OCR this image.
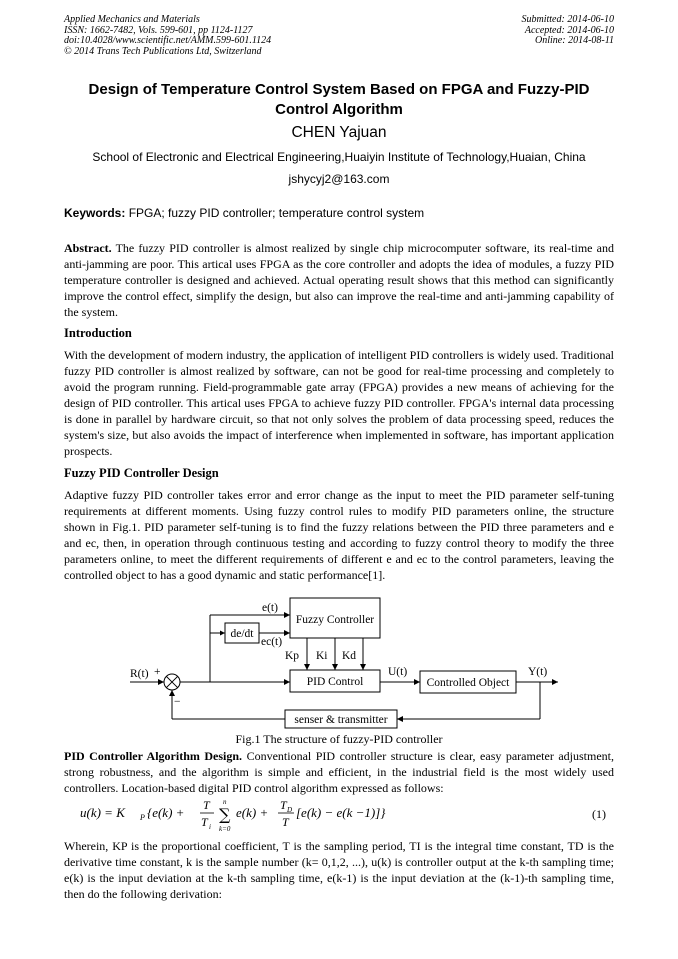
Applied Mechanics and Materials
ISSN: 1662-7482, Vols. 599-601, pp 1124-1127
doi:10.4028/www.scientific.net/AMM.599-601.1124
© 2014 Trans Tech Publications Ltd, Switzerland
Submitted: 2014-06-10
Accepted: 2014-06-10
Online: 2014-08-11
Design of Temperature Control System Based on FPGA and Fuzzy-PID
Control Algorithm
CHEN Yajuan
School of Electronic and Electrical Engineering,Huaiyin Institute of Technology,Huaian, China
jshycyj2@163.com
Keywords: FPGA; fuzzy PID controller; temperature control system

Abstract. The fuzzy PID controller is almost realized by single chip microcomputer software, its real-time and anti-jamming are poor. This artical uses FPGA as the core controller and adopts the idea of modules, a fuzzy PID temperature controller is designed and achieved. Actual operating result shows that this method can significantly improve the control effect, simplify the design, but also can improve the real-time and anti-jamming capability of the system.

Introduction

With the development of modern industry, the application of intelligent PID controllers is widely used. Traditional fuzzy PID controller is almost realized by software, can not be good for real-time processing and completely to avoid the program running. Field-programmable gate array (FPGA) provides a new means of achieving for the design of PID controller. This artical uses FPGA to achieve fuzzy PID controller. FPGA's internal data processing is done in parallel by hardware circuit, so that not only solves the problem of data processing speed, reduces the system's size, but also avoids the impact of interference when implemented in software, has important application prospects.

Fuzzy PID Controller Design

Adaptive fuzzy PID controller takes error and error change as the input to meet the PID parameter self-tuning requirements at different moments. Using fuzzy control rules to modify PID parameters online, the structure shown in Fig.1. PID parameter self-tuning is to find the fuzzy relations between the PID three parameters and e and ec, then, in operation through continuous testing and according to fuzzy control theory to modify the three parameters online, to meet the different requirements of different e and ec to the control parameters, leaving the controlled object to has a good dynamic and static performance[1].

Fuzzy Controller
de/dt
PID Control	Controlled Object
senser & transmitter
R(t) +
−
e(t)
ec(t)
Kp Ki Kd
U(t)	Y(t)
Fig.1 The structure of fuzzy-PID controller

PID Controller Algorithm Design. Conventional PID controller structure is clear, easy parameter adjustment, strong robustness, and the algorithm is simple and efficient, in the industrial field is the most widely used controllers. Location-based digital PID control algorithm expressed as follows:

u(k) = K P {e(k) + T
T i
n
∑
k=0
e(k) + T D
T
[e(k) − e(k −1)]}	(1)

Wherein, KP is the proportional coefficient, T is the sampling period, TI is the integral time constant, TD is the derivative time constant, k is the sample number (k= 0,1,2, ...), u(k) is controller output at the k-th sampling time; e(k) is the input deviation at the k-th sampling time, e(k-1) is the input deviation at the (k-1)-th sampling time, then do the following derivation:
